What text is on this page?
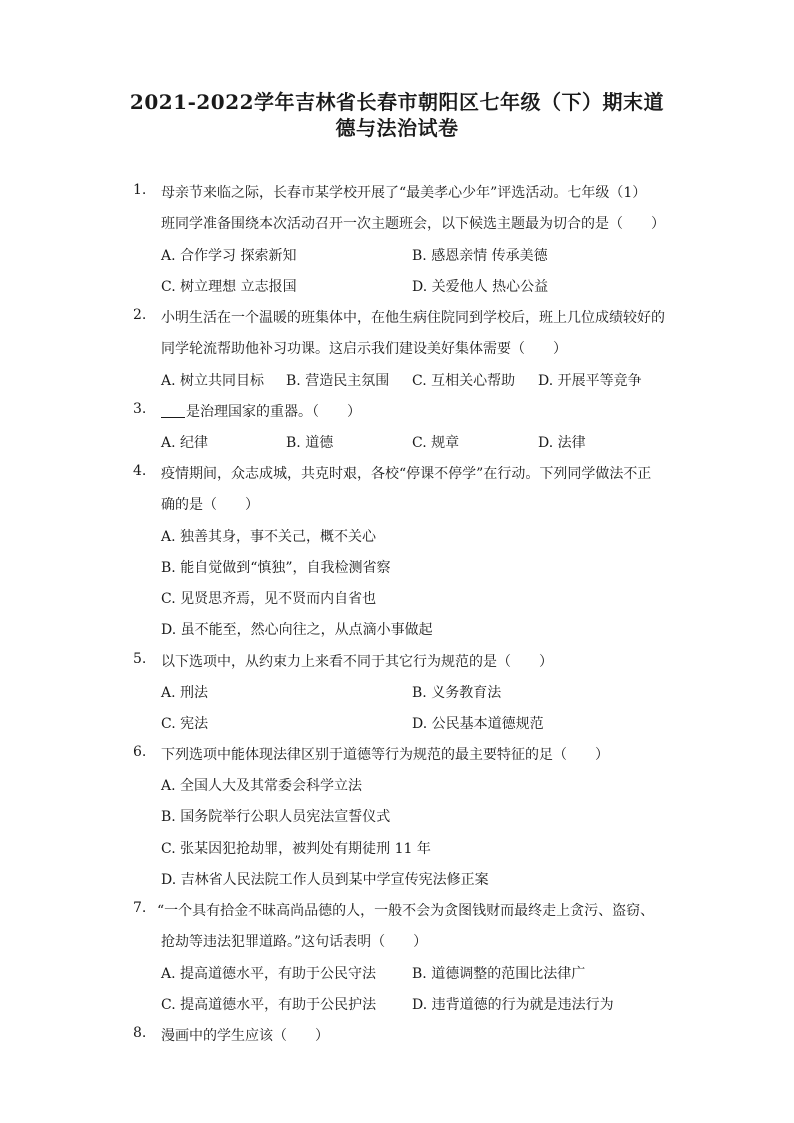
2021-2022学年吉林省长春市朝阳区七年级（下）期末道
德与法治试卷
1.	母亲节来临之际，长春市某学校开展了“最美孝心少年”评选活动。七年级（1）
班同学准备围绕本次活动召开一次主题班会，以下候选主题最为切合的是（　　）
A. 合作学习 探索新知	B. 感恩亲情 传承美德
C. 树立理想 立志报国	D. 关爱他人 热心公益
2.	小明生活在一个温暖的班集体中，在他生病住院同到学校后，班上几位成绩较好的
同学轮流帮助他补习功课。这启示我们建设美好集体需要（　　）
A. 树立共同目标 B. 营造民主氛围 C. 互相关心帮助 D. 开展平等竞争
3.	是治理国家的重器。（　　）
A. 纪律	B. 道德	C. 规章	D. 法律
4.	疫情期间，众志成城，共克时艰，各校“停课不停学”在行动。下列同学做法不正
确的是（　　）
A. 独善其身，事不关己，概不关心
B. 能自觉做到“慎独”，自我检测省察
C. 见贤思齐焉，见不贤而内自省也
D. 虽不能至，然心向往之，从点滴小事做起
5.	以下选项中，从约束力上来看不同于其它行为规范的是（　　）
A. 刑法	B. 义务教育法
C. 宪法	D. 公民基本道德规范
6.	下列选项中能体现法律区别于道德等行为规范的最主要特征的足（　　）
A. 全国人大及其常委会科学立法
B. 国务院举行公职人员宪法宣誓仪式
C. 张某因犯抢劫罪，被判处有期徒刑 11 年
D. 吉林省人民法院工作人员到某中学宣传宪法修正案
7. “一个具有拾金不昧高尚品德的人，一般不会为贪图钱财而最终走上贪污、盗窃、
抢劫等违法犯罪道路。”这句话表明（　　）
A. 提高道德水平，有助于公民守法	B. 道德调整的范围比法律广
C. 提高道德水平，有助于公民护法	D. 违背道德的行为就是违法行为
8.	漫画中的学生应该（　　）
